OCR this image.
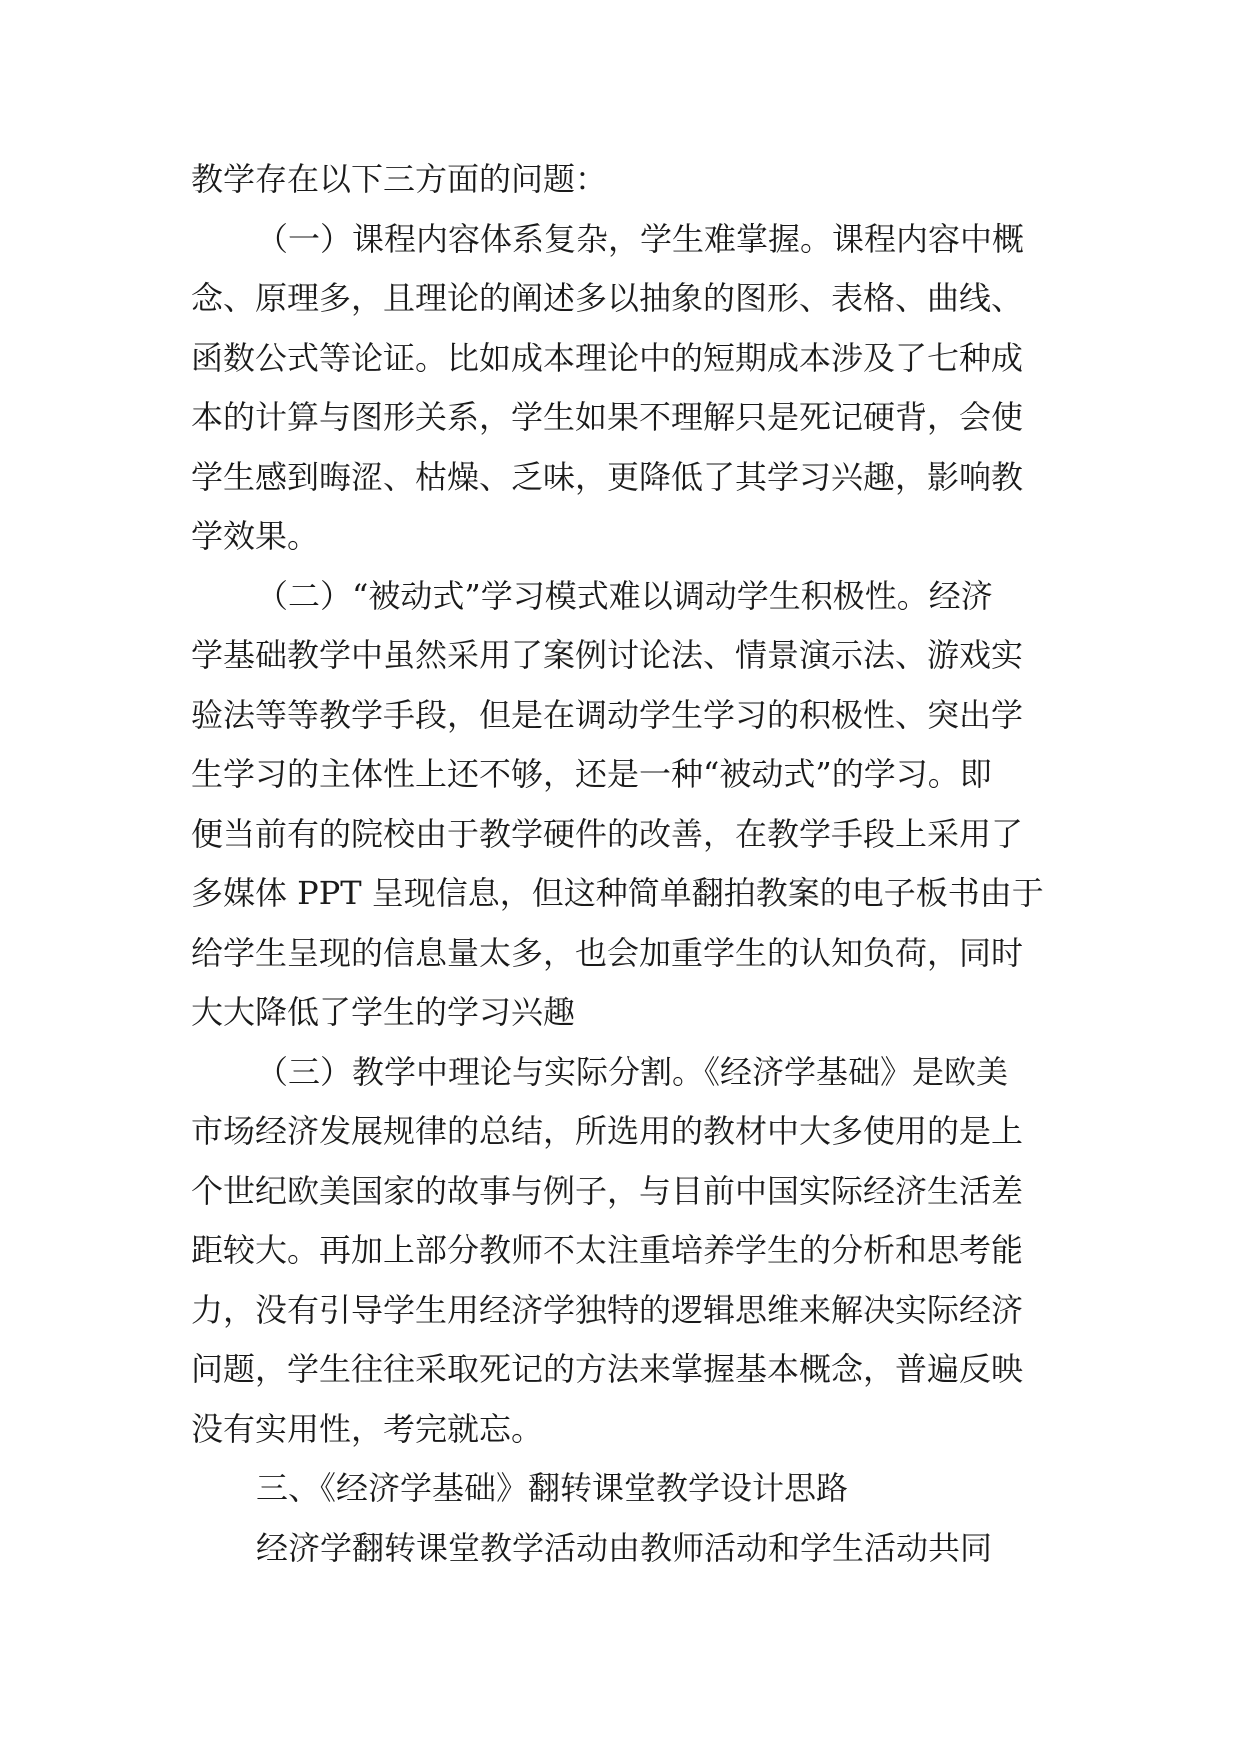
教学存在以下三方面的问题：
（一）课程内容体系复杂，学生难掌握。课程内容中概
念、原理多，且理论的阐述多以抽象的图形、表格、曲线、
函数公式等论证。比如成本理论中的短期成本涉及了七种成
本的计算与图形关系，学生如果不理解只是死记硬背，会使
学生感到晦涩、枯燥、乏味，更降低了其学习兴趣，影响教
学效果。
（二）“被动式”学习模式难以调动学生积极性。经济
学基础教学中虽然采用了案例讨论法、情景演示法、游戏实
验法等等教学手段，但是在调动学生学习的积极性、突出学
生学习的主体性上还不够，还是一种“被动式”的学习。即
便当前有的院校由于教学硬件的改善，在教学手段上采用了
多媒体 PPT 呈现信息，但这种简单翻拍教案的电子板书由于
给学生呈现的信息量太多，也会加重学生的认知负荷，同时
大大降低了学生的学习兴趣
（三）教学中理论与实际分割。《经济学基础》是欧美
市场经济发展规律的总结，所选用的教材中大多使用的是上
个世纪欧美国家的故事与例子，与目前中国实际经济生活差
距较大。再加上部分教师不太注重培养学生的分析和思考能
力，没有引导学生用经济学独特的逻辑思维来解决实际经济
问题，学生往往采取死记的方法来掌握基本概念，普遍反映
没有实用性，考完就忘。
三、《经济学基础》翻转课堂教学设计思路
经济学翻转课堂教学活动由教师活动和学生活动共同
